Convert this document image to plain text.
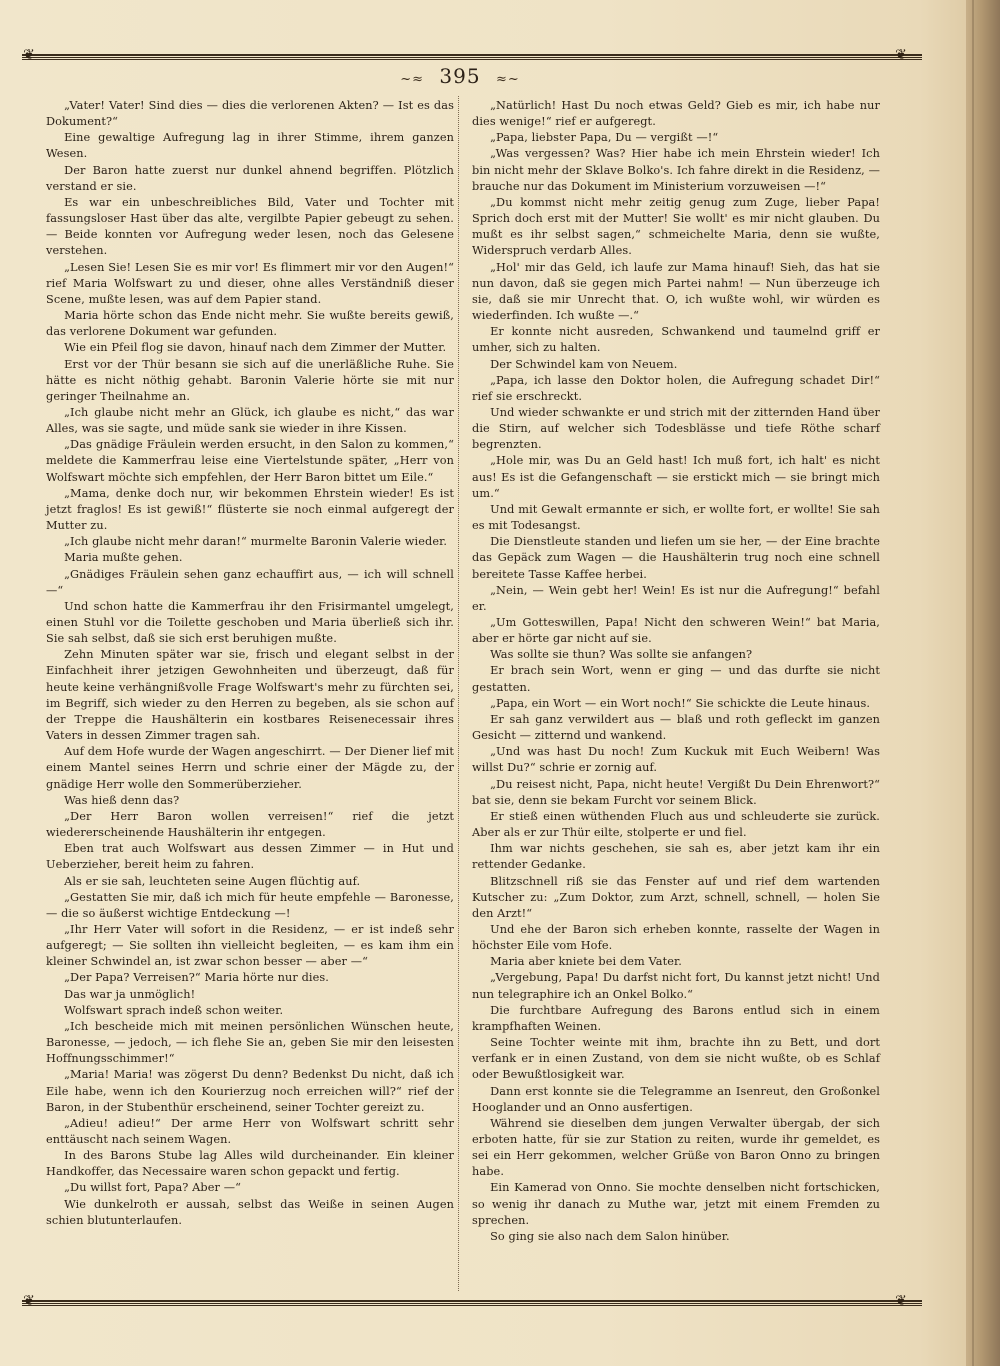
❦	❦
❦	❦
~≈ 395 ≈~

„Vater! Vater! Sind dies — dies die verlorenen Akten? — Ist es das Dokument?“

Eine gewaltige Aufregung lag in ihrer Stimme, ihrem ganzen Wesen.

Der Baron hatte zuerst nur dunkel ahnend begriffen. Plötzlich verstand er sie.

Es war ein unbeschreibliches Bild, Vater und Tochter mit fassungsloser Hast über das alte, vergilbte Papier gebeugt zu sehen. — Beide konnten vor Aufregung weder lesen, noch das Gelesene verstehen.

„Lesen Sie! Lesen Sie es mir vor! Es flimmert mir vor den Augen!“ rief Maria Wolfswart zu und dieser, ohne alles Verständniß dieser Scene, mußte lesen, was auf dem Papier stand.

Maria hörte schon das Ende nicht mehr. Sie wußte bereits gewiß, das verlorene Dokument war gefunden.

Wie ein Pfeil flog sie davon, hinauf nach dem Zimmer der Mutter.

Erst vor der Thür besann sie sich auf die unerläßliche Ruhe. Sie hätte es nicht nöthig gehabt. Baronin Valerie hörte sie mit nur geringer Theilnahme an.

„Ich glaube nicht mehr an Glück, ich glaube es nicht,“ das war Alles, was sie sagte, und müde sank sie wieder in ihre Kissen.

„Das gnädige Fräulein werden ersucht, in den Salon zu kommen,“ meldete die Kammerfrau leise eine Viertelstunde später, „Herr von Wolfswart möchte sich empfehlen, der Herr Baron bittet um Eile.“

„Mama, denke doch nur, wir bekommen Ehrstein wieder! Es ist jetzt fraglos! Es ist gewiß!“ flüsterte sie noch einmal aufgeregt der Mutter zu.

„Ich glaube nicht mehr daran!“ murmelte Baronin Valerie wieder.

Maria mußte gehen.

„Gnädiges Fräulein sehen ganz echauffirt aus, — ich will schnell —“

Und schon hatte die Kammerfrau ihr den Frisirmantel umgelegt, einen Stuhl vor die Toilette geschoben und Maria überließ sich ihr. Sie sah selbst, daß sie sich erst beruhigen mußte.

Zehn Minuten später war sie, frisch und elegant selbst in der Einfachheit ihrer jetzigen Gewohnheiten und überzeugt, daß für heute keine verhängnißvolle Frage Wolfswart's mehr zu fürchten sei, im Begriff, sich wieder zu den Herren zu begeben, als sie schon auf der Treppe die Haushälterin ein kostbares Reisenecessair ihres Vaters in dessen Zimmer tragen sah.

Auf dem Hofe wurde der Wagen angeschirrt. — Der Diener lief mit einem Mantel seines Herrn und schrie einer der Mägde zu, der gnädige Herr wolle den Sommerüberzieher.

Was hieß denn das?

„Der Herr Baron wollen verreisen!“ rief die jetzt wiedererscheinende Haushälterin ihr entgegen.

Eben trat auch Wolfswart aus dessen Zimmer — in Hut und Ueberzieher, bereit heim zu fahren.

Als er sie sah, leuchteten seine Augen flüchtig auf.

„Gestatten Sie mir, daß ich mich für heute empfehle — Baronesse, — die so äußerst wichtige Entdeckung —!

„Ihr Herr Vater will sofort in die Residenz, — er ist indeß sehr aufgeregt; — Sie sollten ihn vielleicht begleiten, — es kam ihm ein kleiner Schwindel an, ist zwar schon besser — aber —“

„Der Papa? Verreisen?“ Maria hörte nur dies.

Das war ja unmöglich!

Wolfswart sprach indeß schon weiter.

„Ich bescheide mich mit meinen persönlichen Wünschen heute, Baronesse, — jedoch, — ich flehe Sie an, geben Sie mir den leisesten Hoffnungsschimmer!“

„Maria! Maria! was zögerst Du denn? Bedenkst Du nicht, daß ich Eile habe, wenn ich den Kourierzug noch erreichen will?“ rief der Baron, in der Stubenthür erscheinend, seiner Tochter gereizt zu.

„Adieu! adieu!“ Der arme Herr von Wolfswart schritt sehr enttäuscht nach seinem Wagen.

In des Barons Stube lag Alles wild durcheinander. Ein kleiner Handkoffer, das Necessaire waren schon gepackt und fertig.

„Du willst fort, Papa? Aber —“

Wie dunkelroth er aussah, selbst das Weiße in seinen Augen schien blutunterlaufen.

„Natürlich! Hast Du noch etwas Geld? Gieb es mir, ich habe nur dies wenige!“ rief er aufgeregt.

„Papa, liebster Papa, Du — vergißt —!“

„Was vergessen? Was? Hier habe ich mein Ehrstein wieder! Ich bin nicht mehr der Sklave Bolko's. Ich fahre direkt in die Residenz, — brauche nur das Dokument im Ministerium vorzuweisen —!“

„Du kommst nicht mehr zeitig genug zum Zuge, lieber Papa! Sprich doch erst mit der Mutter! Sie wollt' es mir nicht glauben. Du mußt es ihr selbst sagen,“ schmeichelte Maria, denn sie wußte, Widerspruch verdarb Alles.

„Hol' mir das Geld, ich laufe zur Mama hinauf! Sieh, das hat sie nun davon, daß sie gegen mich Partei nahm! — Nun überzeuge ich sie, daß sie mir Unrecht that. O, ich wußte wohl, wir würden es wiederfinden. Ich wußte —.“

Er konnte nicht ausreden, Schwankend und taumelnd griff er umher, sich zu halten.

Der Schwindel kam von Neuem.

„Papa, ich lasse den Doktor holen, die Aufregung schadet Dir!“ rief sie erschreckt.

Und wieder schwankte er und strich mit der zitternden Hand über die Stirn, auf welcher sich Todesblässe und tiefe Röthe scharf begrenzten.

„Hole mir, was Du an Geld hast! Ich muß fort, ich halt' es nicht aus! Es ist die Gefangenschaft — sie erstickt mich — sie bringt mich um.“

Und mit Gewalt ermannte er sich, er wollte fort, er wollte! Sie sah es mit Todesangst.

Die Dienstleute standen und liefen um sie her, — der Eine brachte das Gepäck zum Wagen — die Haushälterin trug noch eine schnell bereitete Tasse Kaffee herbei.

„Nein, — Wein gebt her! Wein! Es ist nur die Aufregung!“ befahl er.

„Um Gotteswillen, Papa! Nicht den schweren Wein!“ bat Maria, aber er hörte gar nicht auf sie.

Was sollte sie thun? Was sollte sie anfangen?

Er brach sein Wort, wenn er ging — und das durfte sie nicht gestatten.

„Papa, ein Wort — ein Wort noch!“ Sie schickte die Leute hinaus.

Er sah ganz verwildert aus — blaß und roth gefleckt im ganzen Gesicht — zitternd und wankend.

„Und was hast Du noch! Zum Kuckuk mit Euch Weibern! Was willst Du?“ schrie er zornig auf.

„Du reisest nicht, Papa, nicht heute! Vergißt Du Dein Ehrenwort?“ bat sie, denn sie bekam Furcht vor seinem Blick.

Er stieß einen wüthenden Fluch aus und schleuderte sie zurück. Aber als er zur Thür eilte, stolperte er und fiel.

Ihm war nichts geschehen, sie sah es, aber jetzt kam ihr ein rettender Gedanke.

Blitzschnell riß sie das Fenster auf und rief dem wartenden Kutscher zu: „Zum Doktor, zum Arzt, schnell, schnell, — holen Sie den Arzt!“

Und ehe der Baron sich erheben konnte, rasselte der Wagen in höchster Eile vom Hofe.

Maria aber kniete bei dem Vater.

„Vergebung, Papa! Du darfst nicht fort, Du kannst jetzt nicht! Und nun telegraphire ich an Onkel Bolko.“

Die furchtbare Aufregung des Barons entlud sich in einem krampfhaften Weinen.

Seine Tochter weinte mit ihm, brachte ihn zu Bett, und dort verfank er in einen Zustand, von dem sie nicht wußte, ob es Schlaf oder Bewußtlosigkeit war.

Dann erst konnte sie die Telegramme an Isenreut, den Großonkel Hooglander und an Onno ausfertigen.

Während sie dieselben dem jungen Verwalter übergab, der sich erboten hatte, für sie zur Station zu reiten, wurde ihr gemeldet, es sei ein Herr gekommen, welcher Grüße von Baron Onno zu bringen habe.

Ein Kamerad von Onno. Sie mochte denselben nicht fortschicken, so wenig ihr danach zu Muthe war, jetzt mit einem Fremden zu sprechen.

So ging sie also nach dem Salon hinüber.
